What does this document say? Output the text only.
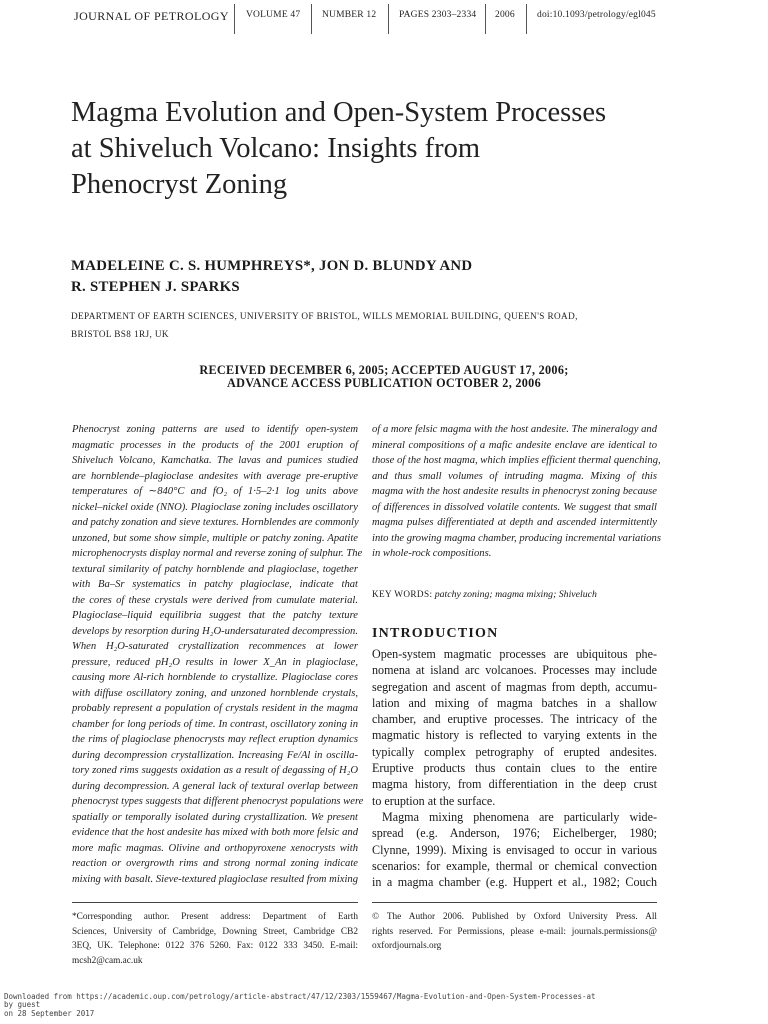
JOURNAL OF PETROLOGY VOLUME 47 NUMBER 12 PAGES 2303–2334 2006 doi:10.1093/petrology/egl045
Magma Evolution and Open-System Processes
at Shiveluch Volcano: Insights from
Phenocryst Zoning
MADELEINE C. S. HUMPHREYS*, JON D. BLUNDY AND
R. STEPHEN J. SPARKS
DEPARTMENT OF EARTH SCIENCES, UNIVERSITY OF BRISTOL, WILLS MEMORIAL BUILDING, QUEEN'S ROAD,
BRISTOL BS8 1RJ, UK
RECEIVED DECEMBER 6, 2005; ACCEPTED AUGUST 17, 2006;
ADVANCE ACCESS PUBLICATION OCTOBER 2, 2006
Phenocryst zoning patterns are used to identify open-system
magmatic processes in the products of the 2001 eruption of
Shiveluch Volcano, Kamchatka. The lavas and pumices studied
are hornblende–plagioclase andesites with average pre-eruptive
temperatures of ∼840°C and fO₂ of 1·5–2·1 log units above
nickel–nickel oxide (NNO). Plagioclase zoning includes oscillatory
and patchy zonation and sieve textures. Hornblendes are commonly
unzoned, but some show simple, multiple or patchy zoning. Apatite
microphenocrysts display normal and reverse zoning of sulphur. The
textural similarity of patchy hornblende and plagioclase, together
with Ba–Sr systematics in patchy plagioclase, indicate that
the cores of these crystals were derived from cumulate material.
Plagioclase–liquid equilibria suggest that the patchy texture
develops by resorption during H₂O-undersaturated decompression.
When H₂O-saturated crystallization recommences at lower
pressure, reduced pH₂O results in lower X_An in plagioclase,
causing more Al-rich hornblende to crystallize. Plagioclase cores
with diffuse oscillatory zoning, and unzoned hornblende crystals,
probably represent a population of crystals resident in the magma
chamber for long periods of time. In contrast, oscillatory zoning in
the rims of plagioclase phenocrysts may reflect eruption dynamics
during decompression crystallization. Increasing Fe/Al in oscilla-
tory zoned rims suggests oxidation as a result of degassing of H₂O
during decompression. A general lack of textural overlap between
phenocryst types suggests that different phenocryst populations were
spatially or temporally isolated during crystallization. We present
evidence that the host andesite has mixed with both more felsic and
more mafic magmas. Olivine and orthopyroxene xenocrysts with
reaction or overgrowth rims and strong normal zoning indicate
mixing with basalt. Sieve-textured plagioclase resulted from mixing
of a more felsic magma with the host andesite. The mineralogy and
mineral compositions of a mafic andesite enclave are identical to
those of the host magma, which implies efficient thermal quenching,
and thus small volumes of intruding magma. Mixing of this
magma with the host andesite results in phenocryst zoning because
of differences in dissolved volatile contents. We suggest that small
magma pulses differentiated at depth and ascended intermittently
into the growing magma chamber, producing incremental variations
in whole-rock compositions.
KEY WORDS: patchy zoning; magma mixing; Shiveluch
INTRODUCTION
Open-system magmatic processes are ubiquitous phe-
nomena at island arc volcanoes. Processes may include
segregation and ascent of magmas from depth, accumu-
lation and mixing of magma batches in a shallow
chamber, and eruptive processes. The intricacy of the
magmatic history is reflected to varying extents in the
typically complex petrography of erupted andesites.
Eruptive products thus contain clues to the entire
magma history, from differentiation in the deep crust
to eruption at the surface.
Magma mixing phenomena are particularly wide-
spread (e.g. Anderson, 1976; Eichelberger, 1980;
Clynne, 1999). Mixing is envisaged to occur in various
scenarios: for example, thermal or chemical convection
in a magma chamber (e.g. Huppert et al., 1982; Couch
*Corresponding author. Present address: Department of Earth
Sciences, University of Cambridge, Downing Street, Cambridge CB2
3EQ, UK. Telephone: 0122 376 5260. Fax: 0122 333 3450. E-mail:
mcsh2@cam.ac.uk
© The Author 2006. Published by Oxford University Press. All
rights reserved. For Permissions, please e-mail: journals.permissions@
oxfordjournals.org
Downloaded from https://academic.oup.com/petrology/article-abstract/47/12/2303/1559467/Magma-Evolution-and-Open-System-Processes-at
by guest
on 28 September 2017
